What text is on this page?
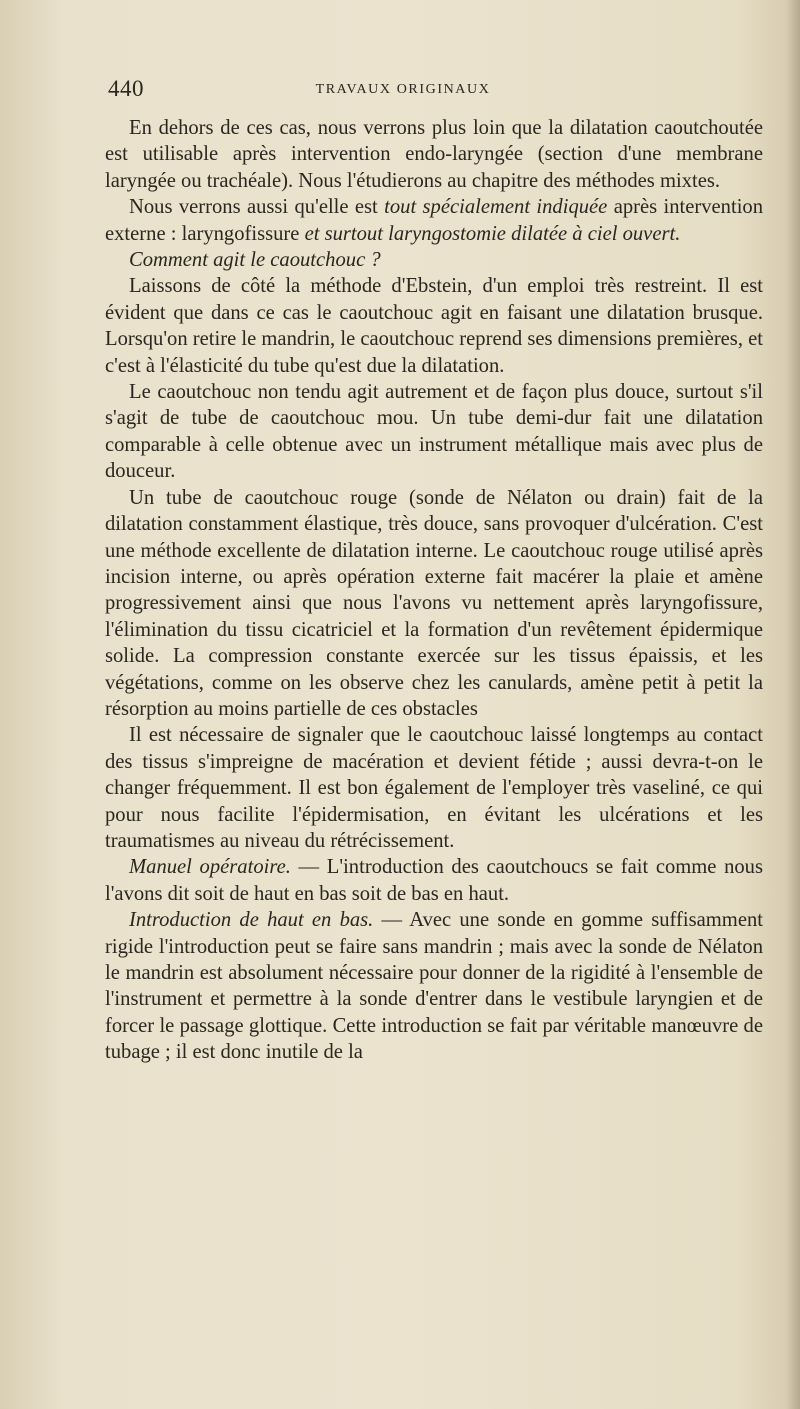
440	TRAVAUX ORIGINAUX

En dehors de ces cas, nous verrons plus loin que la dilatation caoutchoutée est utilisable après intervention endo-laryngée (section d'une membrane laryngée ou trachéale). Nous l'étudierons au chapitre des méthodes mixtes.

Nous verrons aussi qu'elle est tout spécialement indiquée après intervention externe : laryngofissure et surtout laryngostomie dilatée à ciel ouvert.

Comment agit le caoutchouc ?

Laissons de côté la méthode d'Ebstein, d'un emploi très restreint. Il est évident que dans ce cas le caoutchouc agit en faisant une dilatation brusque. Lorsqu'on retire le mandrin, le caoutchouc reprend ses dimensions premières, et c'est à l'élasticité du tube qu'est due la dilatation.

Le caoutchouc non tendu agit autrement et de façon plus douce, surtout s'il s'agit de tube de caoutchouc mou. Un tube demi-dur fait une dilatation comparable à celle obtenue avec un instrument métallique mais avec plus de douceur.

Un tube de caoutchouc rouge (sonde de Nélaton ou drain) fait de la dilatation constamment élastique, très douce, sans provoquer d'ulcération. C'est une méthode excellente de dilatation interne. Le caoutchouc rouge utilisé après incision interne, ou après opération externe fait macérer la plaie et amène progressivement ainsi que nous l'avons vu nettement après laryngofissure, l'élimination du tissu cicatriciel et la formation d'un revêtement épidermique solide. La compression constante exercée sur les tissus épaissis, et les végétations, comme on les observe chez les canulards, amène petit à petit la résorption au moins partielle de ces obstacles

Il est nécessaire de signaler que le caoutchouc laissé longtemps au contact des tissus s'impreigne de macération et devient fétide ; aussi devra-t-on le changer fréquemment. Il est bon également de l'employer très vaseliné, ce qui pour nous facilite l'épidermisation, en évitant les ulcérations et les traumatismes au niveau du rétrécissement.

Manuel opératoire. — L'introduction des caoutchoucs se fait comme nous l'avons dit soit de haut en bas soit de bas en haut.

Introduction de haut en bas. — Avec une sonde en gomme suffisamment rigide l'introduction peut se faire sans mandrin ; mais avec la sonde de Nélaton le mandrin est absolument nécessaire pour donner de la rigidité à l'ensemble de l'instrument et permettre à la sonde d'entrer dans le vestibule laryngien et de forcer le passage glottique. Cette introduction se fait par véritable manœuvre de tubage ; il est donc inutile de la
